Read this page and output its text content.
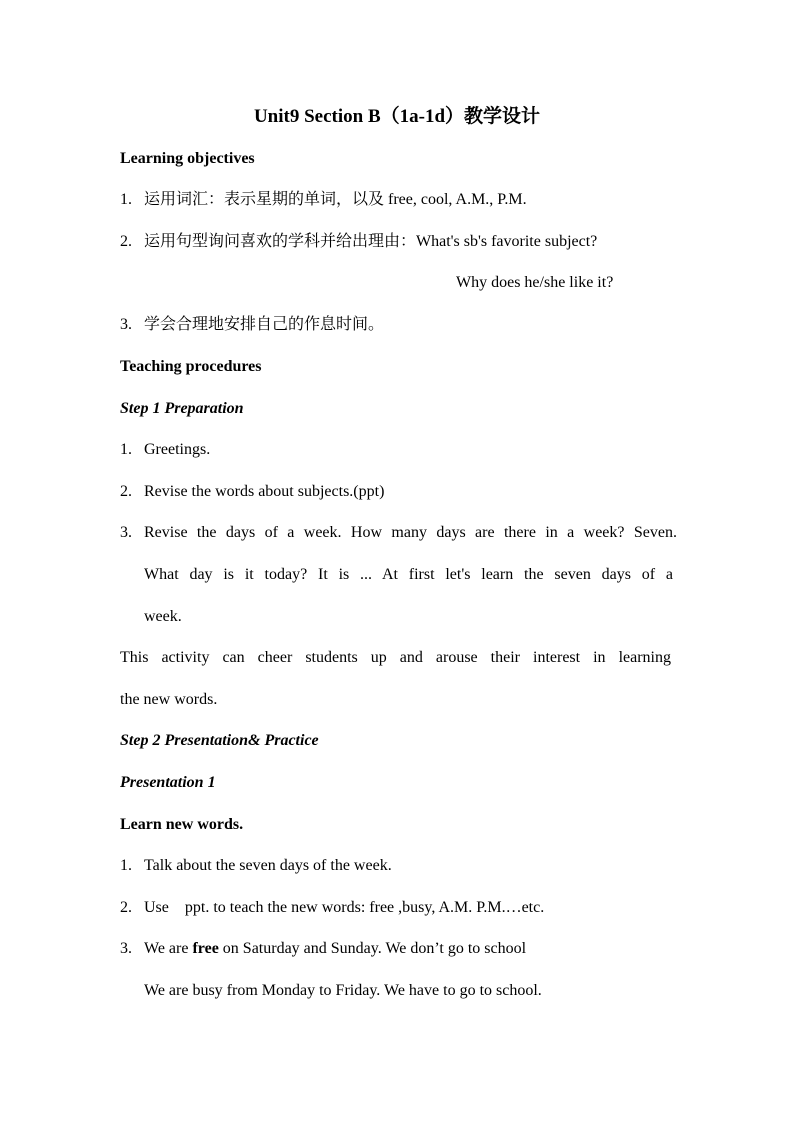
Unit9 Section B（1a-1d）教学设计
Learning objectives
1. 运用词汇：表示星期的单词，以及 free, cool, A.M., P.M.
2. 运用句型询问喜欢的学科并给出理由：What's sb's favorite subject?
Why does he/she like it?
3. 学会合理地安排自己的作息时间。
Teaching procedures
Step 1 Preparation
1. Greetings.
2. Revise the words about subjects.(ppt)
3. Revise the days of a week. How many days are there in a week? Seven.
What day is it today? It is ... At first let's learn the seven days of a
week.
This activity can cheer students up and arouse their interest in learning
the new words.
Step 2 Presentation& Practice
Presentation 1
Learn new words.
1. Talk about the seven days of the week.
2. Use    ppt. to teach the new words: free ,busy, A.M. P.M.…etc.
3. We are free on Saturday and Sunday. We don’t go to school
We are busy from Monday to Friday. We have to go to school.
